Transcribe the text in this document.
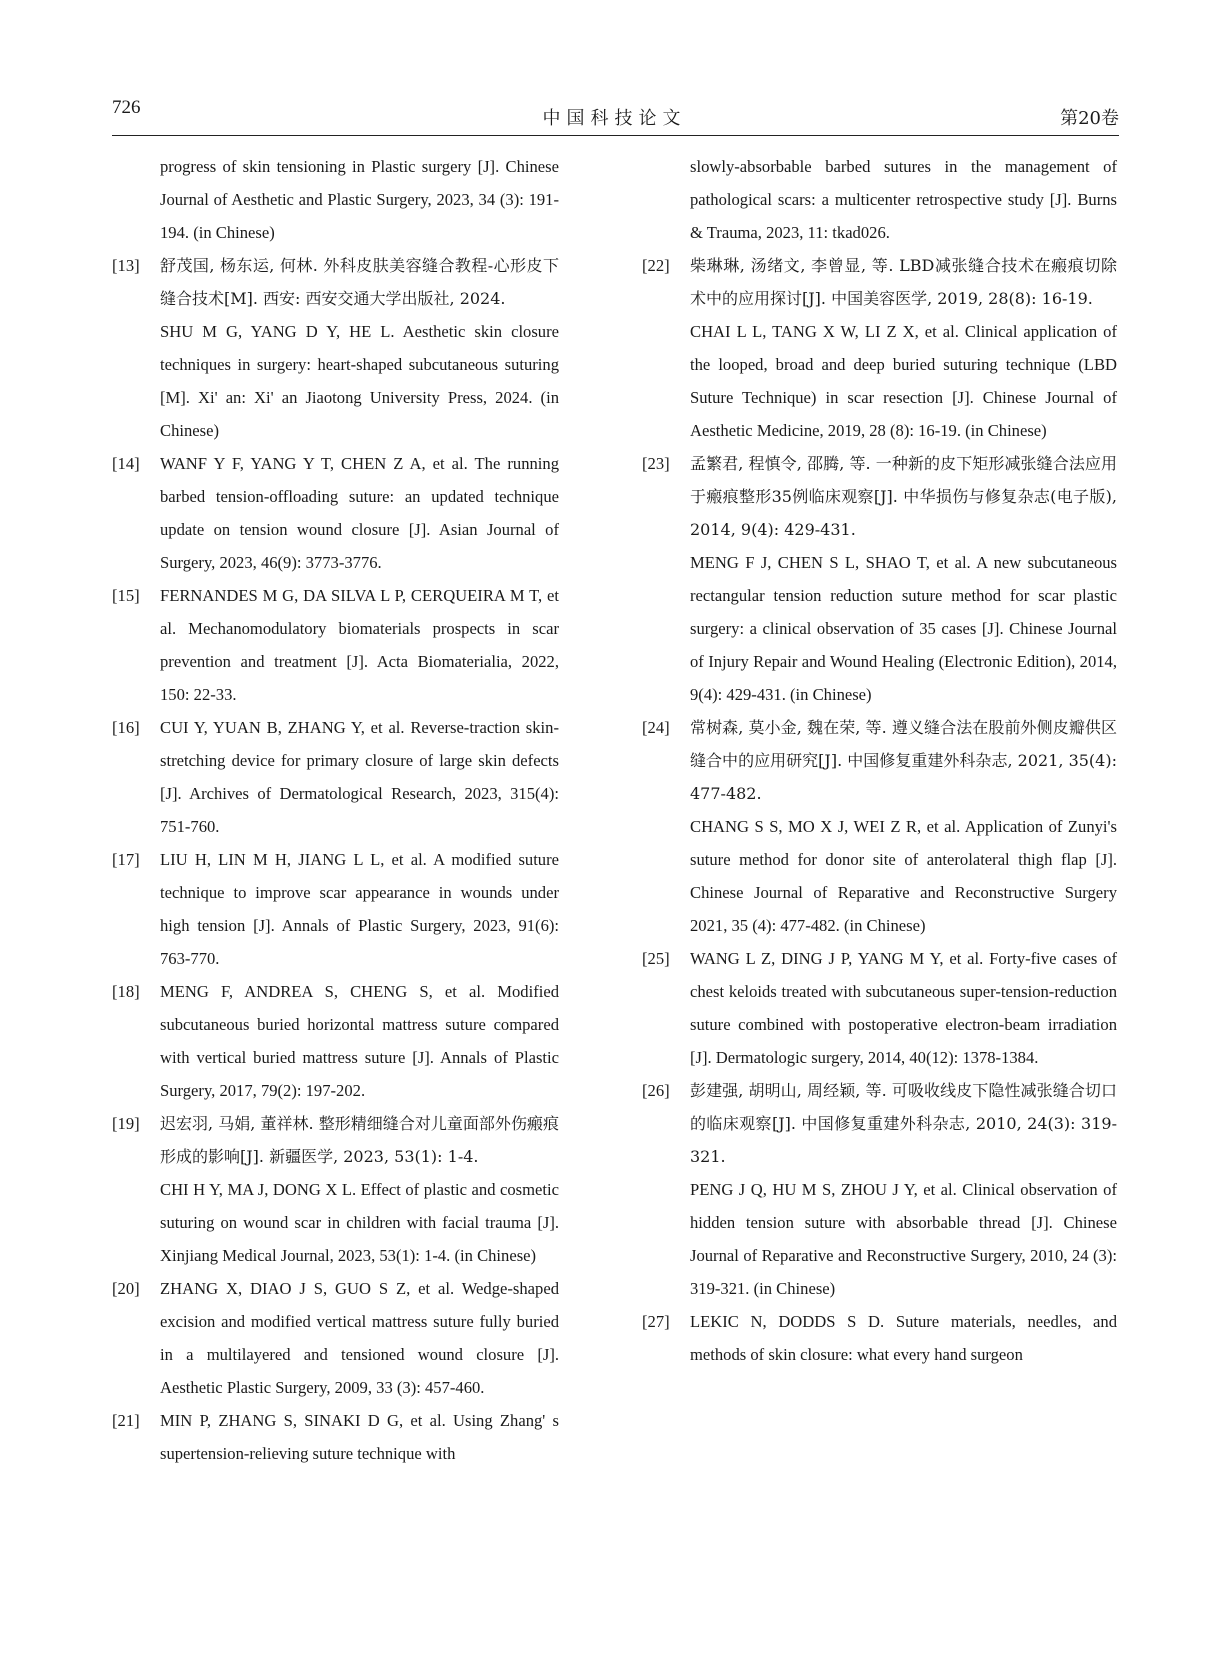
726
中国科技论文	第20卷
progress of skin tensioning in Plastic surgery [J]. Chinese Journal of Aesthetic and Plastic Surgery, 2023, 34 (3): 191-194. (in Chinese)
[13] 舒茂国, 杨东运, 何林. 外科皮肤美容缝合教程-心形皮下缝合技术[M]. 西安: 西安交通大学出版社, 2024.
SHU M G, YANG D Y, HE L. Aesthetic skin closure techniques in surgery: heart-shaped subcutaneous suturing [M]. Xi' an: Xi' an Jiaotong University Press, 2024. (in Chinese)
[14] WANF Y F, YANG Y T, CHEN Z A, et al. The running barbed tension-offloading suture: an updated technique update on tension wound closure [J]. Asian Journal of Surgery, 2023, 46(9): 3773-3776.
[15] FERNANDES M G, DA SILVA L P, CERQUEIRA M T, et al. Mechanomodulatory biomaterials prospects in scar prevention and treatment [J]. Acta Biomaterialia, 2022, 150: 22-33.
[16] CUI Y, YUAN B, ZHANG Y, et al. Reverse-traction skin-stretching device for primary closure of large skin defects [J]. Archives of Dermatological Research, 2023, 315(4): 751-760.
[17] LIU H, LIN M H, JIANG L L, et al. A modified suture technique to improve scar appearance in wounds under high tension [J]. Annals of Plastic Surgery, 2023, 91(6): 763-770.
[18] MENG F, ANDREA S, CHENG S, et al. Modified subcutaneous buried horizontal mattress suture compared with vertical buried mattress suture [J]. Annals of Plastic Surgery, 2017, 79(2): 197-202.
[19] 迟宏羽, 马娟, 董祥林. 整形精细缝合对儿童面部外伤瘢痕形成的影响[J]. 新疆医学, 2023, 53(1): 1-4.
CHI H Y, MA J, DONG X L. Effect of plastic and cosmetic suturing on wound scar in children with facial trauma [J]. Xinjiang Medical Journal, 2023, 53(1): 1-4. (in Chinese)
[20] ZHANG X, DIAO J S, GUO S Z, et al. Wedge-shaped excision and modified vertical mattress suture fully buried in a multilayered and tensioned wound closure [J]. Aesthetic Plastic Surgery, 2009, 33 (3): 457-460.
[21] MIN P, ZHANG S, SINAKI D G, et al. Using Zhang' s supertension-relieving suture technique with
slowly-absorbable barbed sutures in the management of pathological scars: a multicenter retrospective study [J]. Burns & Trauma, 2023, 11: tkad026.
[22] 柴琳琳, 汤绪文, 李曾显, 等. LBD减张缝合技术在瘢痕切除术中的应用探讨[J]. 中国美容医学, 2019, 28(8): 16-19.
CHAI L L, TANG X W, LI Z X, et al. Clinical application of the looped, broad and deep buried suturing technique (LBD Suture Technique) in scar resection [J]. Chinese Journal of Aesthetic Medicine, 2019, 28 (8): 16-19. (in Chinese)
[23] 孟繁君, 程慎令, 邵腾, 等. 一种新的皮下矩形减张缝合法应用于瘢痕整形35例临床观察[J]. 中华损伤与修复杂志(电子版), 2014, 9(4): 429-431.
MENG F J, CHEN S L, SHAO T, et al. A new subcutaneous rectangular tension reduction suture method for scar plastic surgery: a clinical observation of 35 cases [J]. Chinese Journal of Injury Repair and Wound Healing (Electronic Edition), 2014, 9(4): 429-431. (in Chinese)
[24] 常树森, 莫小金, 魏在荣, 等. 遵义缝合法在股前外侧皮瓣供区缝合中的应用研究[J]. 中国修复重建外科杂志, 2021, 35(4): 477-482.
CHANG S S, MO X J, WEI Z R, et al. Application of Zunyi's suture method for donor site of anterolateral thigh flap [J]. Chinese Journal of Reparative and Reconstructive Surgery 2021, 35 (4): 477-482. (in Chinese)
[25] WANG L Z, DING J P, YANG M Y, et al. Forty-five cases of chest keloids treated with subcutaneous super-tension-reduction suture combined with postoperative electron-beam irradiation [J]. Dermatologic surgery, 2014, 40(12): 1378-1384.
[26] 彭建强, 胡明山, 周经颖, 等. 可吸收线皮下隐性减张缝合切口的临床观察[J]. 中国修复重建外科杂志, 2010, 24(3): 319-321.
PENG J Q, HU M S, ZHOU J Y, et al. Clinical observation of hidden tension suture with absorbable thread [J]. Chinese Journal of Reparative and Reconstructive Surgery, 2010, 24 (3): 319-321. (in Chinese)
[27] LEKIC N, DODDS S D. Suture materials, needles, and methods of skin closure: what every hand surgeon
